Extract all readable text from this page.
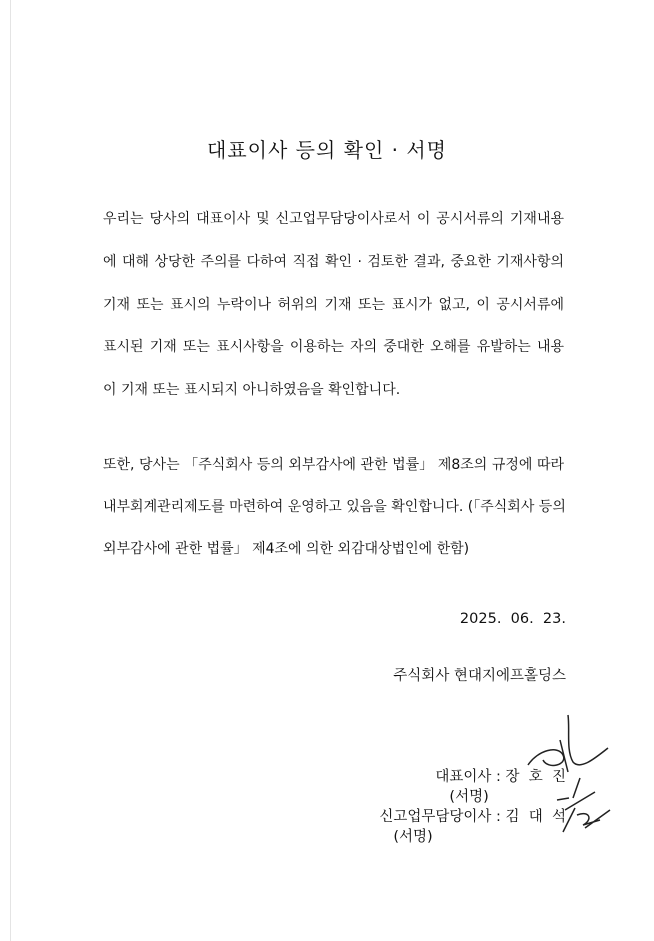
대표이사 등의 확인 · 서명
우리는 당사의 대표이사 및 신고업무담당이사로서 이 공시서류의 기재내용
에 대해 상당한 주의를 다하여 직접 확인 · 검토한 결과, 중요한 기재사항의
기재 또는 표시의 누락이나 허위의 기재 또는 표시가 없고, 이 공시서류에
표시된 기재 또는 표시사항을 이용하는 자의 중대한 오해를 유발하는 내용
이 기재 또는 표시되지 아니하였음을 확인합니다.
또한, 당사는 「주식회사 등의 외부감사에 관한 법률」 제8조의 규정에 따라
내부회계관리제도를 마련하여 운영하고 있음을 확인합니다. (「주식회사 등의
외부감사에 관한 법률」 제4조에 의한 외감대상법인에 한함)
2025.  06.  23.
주식회사 현대지에프홀딩스

대표이사 : 장  호  진
(서명)

신고업무담당이사 : 김  대  석
(서명)
